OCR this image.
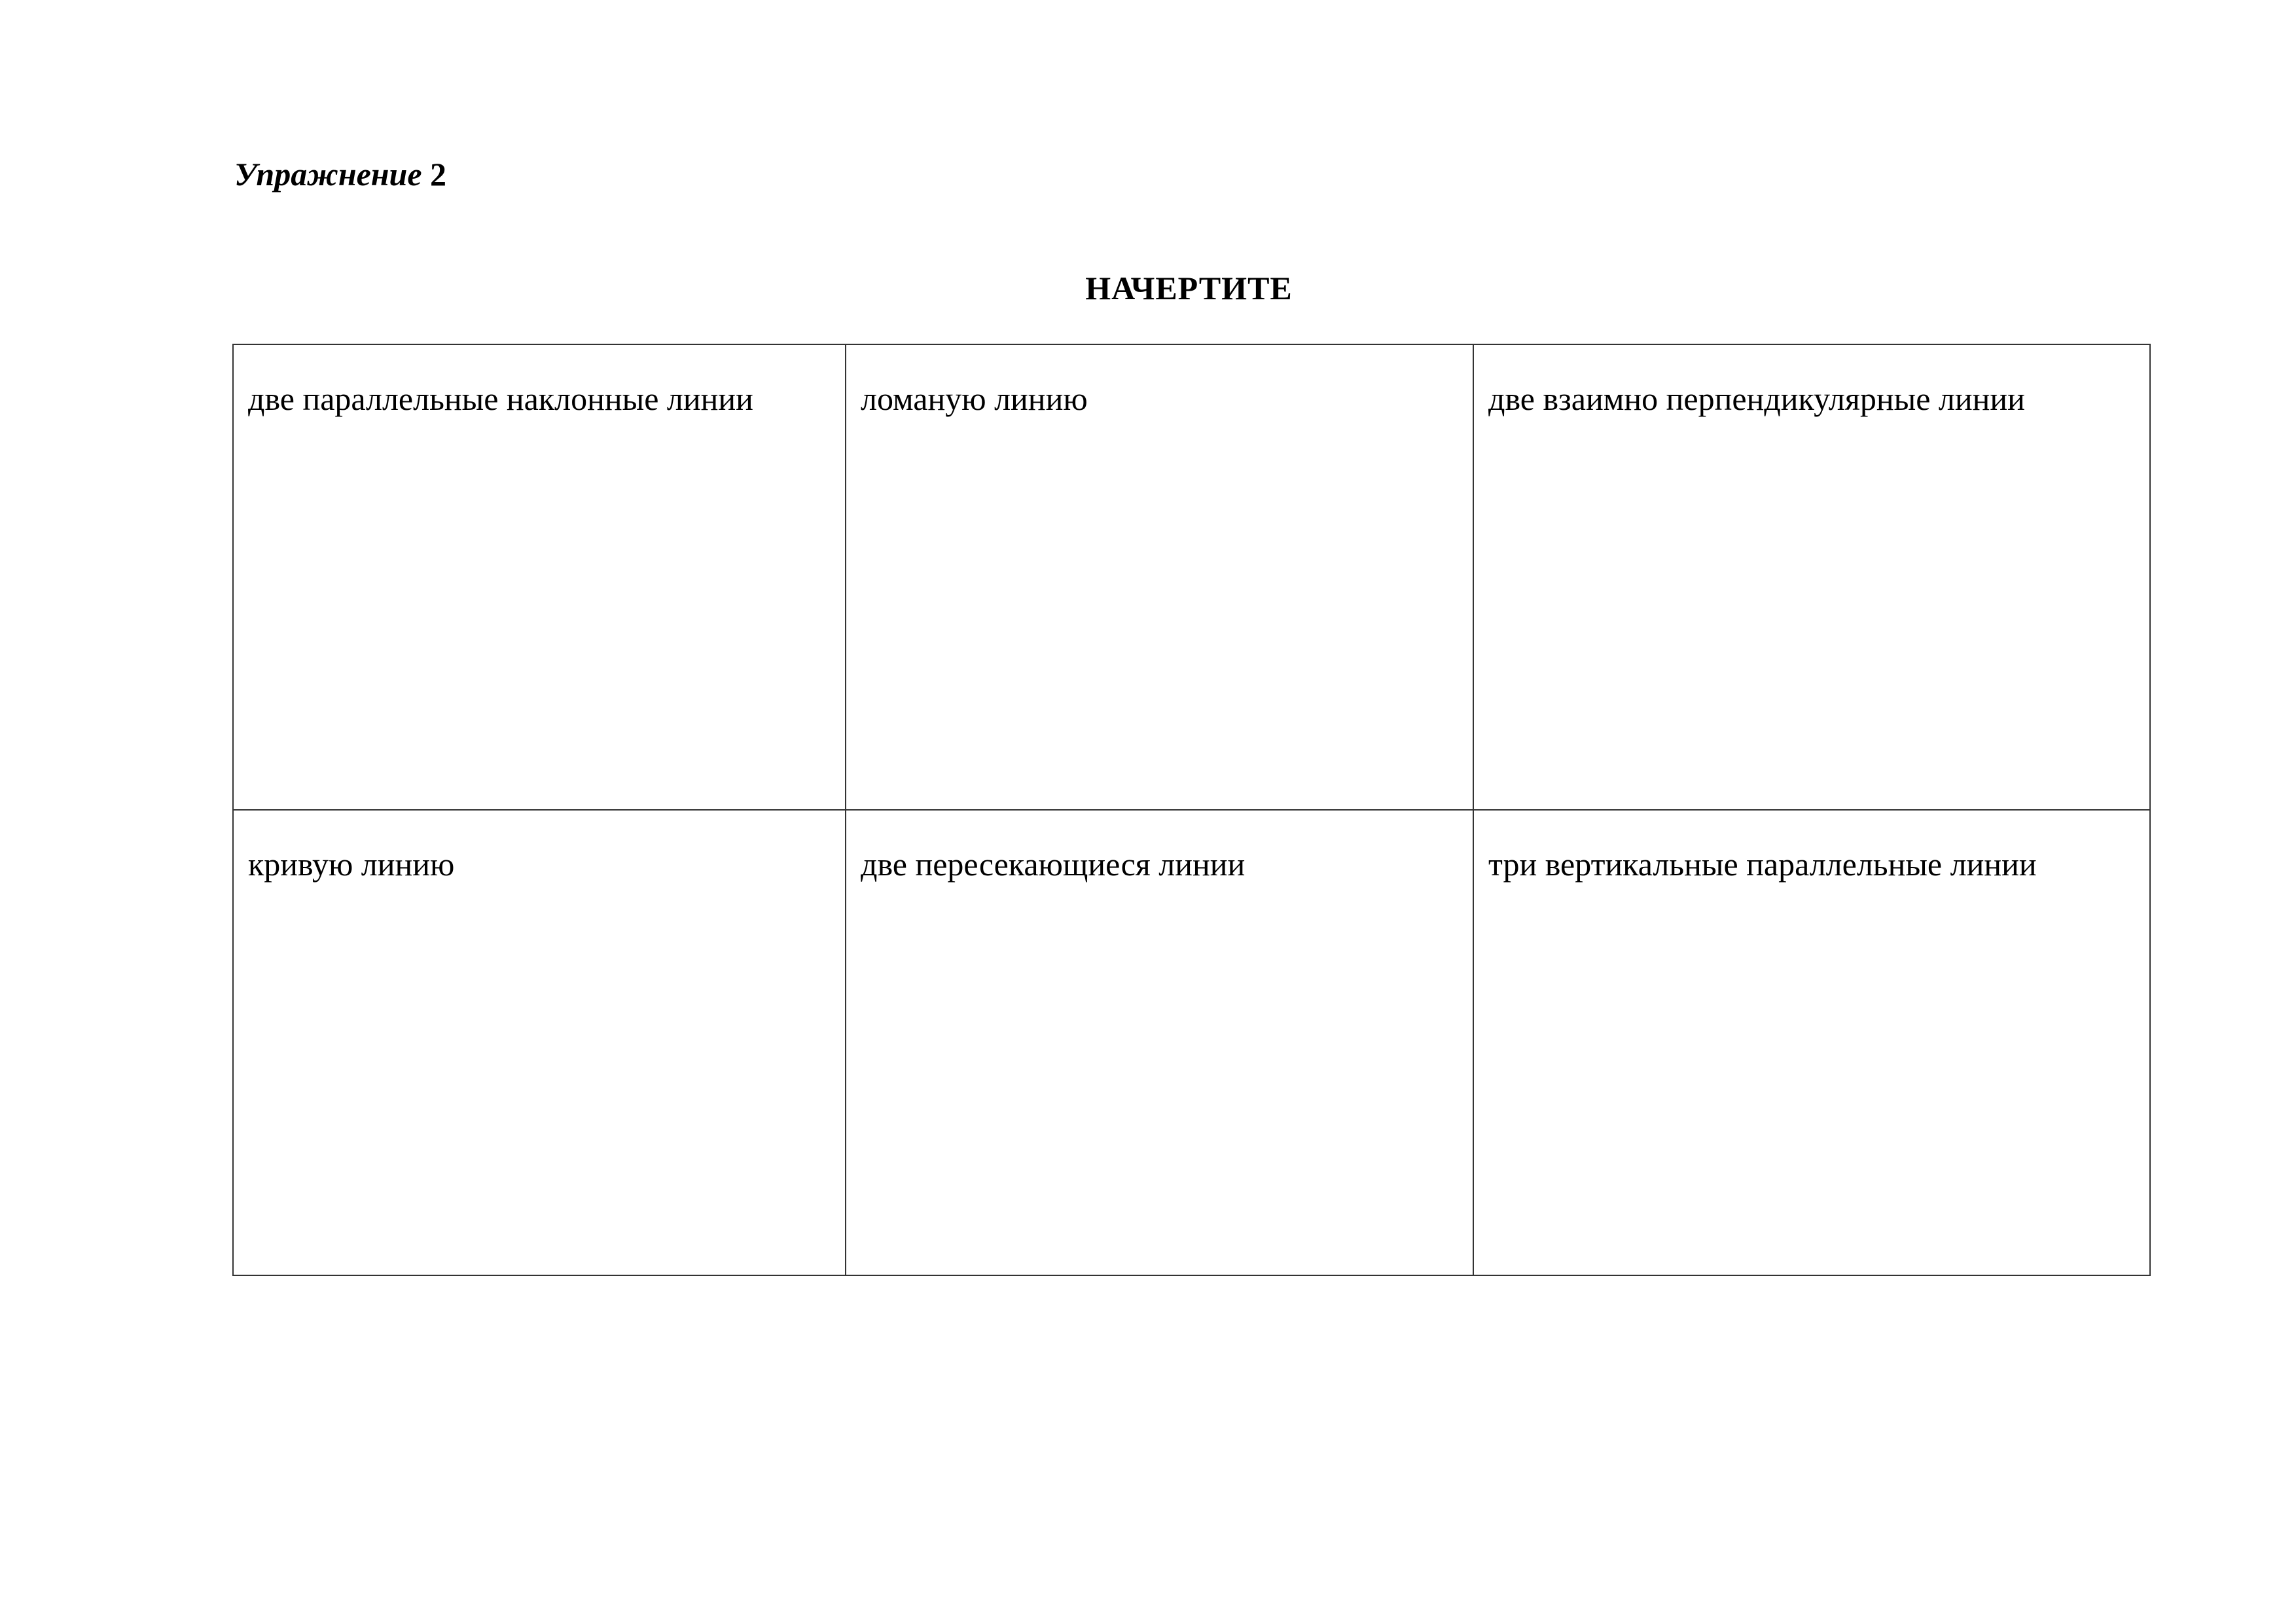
Упражнение 2
НАЧЕРТИТЕ
две параллельные наклонные линии	ломаную линию	две взаимно перпендикулярные линии
кривую линию	две пересекающиеся линии	три вертикальные параллельные линии
